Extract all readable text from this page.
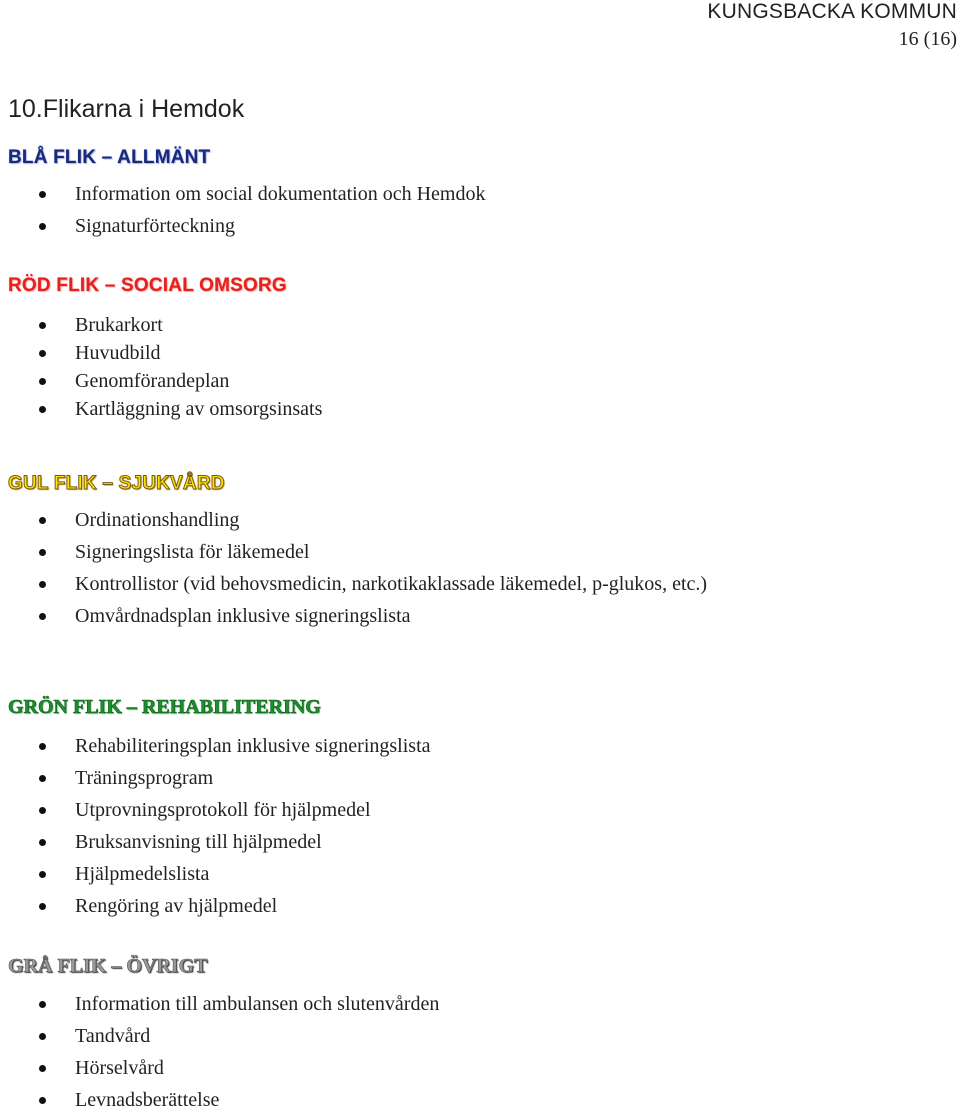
KUNGSBACKA KOMMUN
16 (16)
10.Flikarna i Hemdok
BLÅ FLIK – ALLMÄNT
Information om social dokumentation och Hemdok
Signaturförteckning
RÖD FLIK – SOCIAL OMSORG
Brukarkort
Huvudbild
Genomförandeplan
Kartläggning av omsorgsinsats
GUL FLIK – SJUKVÅRD
Ordinationshandling
Signeringslista för läkemedel
Kontrollistor (vid behovsmedicin, narkotikaklassade läkemedel, p-glukos, etc.)
Omvårdnadsplan inklusive signeringslista
GRÖN FLIK – REHABILITERING
Rehabiliteringsplan inklusive signeringslista
Träningsprogram
Utprovningsprotokoll för hjälpmedel
Bruksanvisning till hjälpmedel
Hjälpmedelslista
Rengöring av hjälpmedel
GRÅ FLIK – ÖVRIGT
Information till ambulansen och slutenvården
Tandvård
Hörselvård
Levnadsberättelse
